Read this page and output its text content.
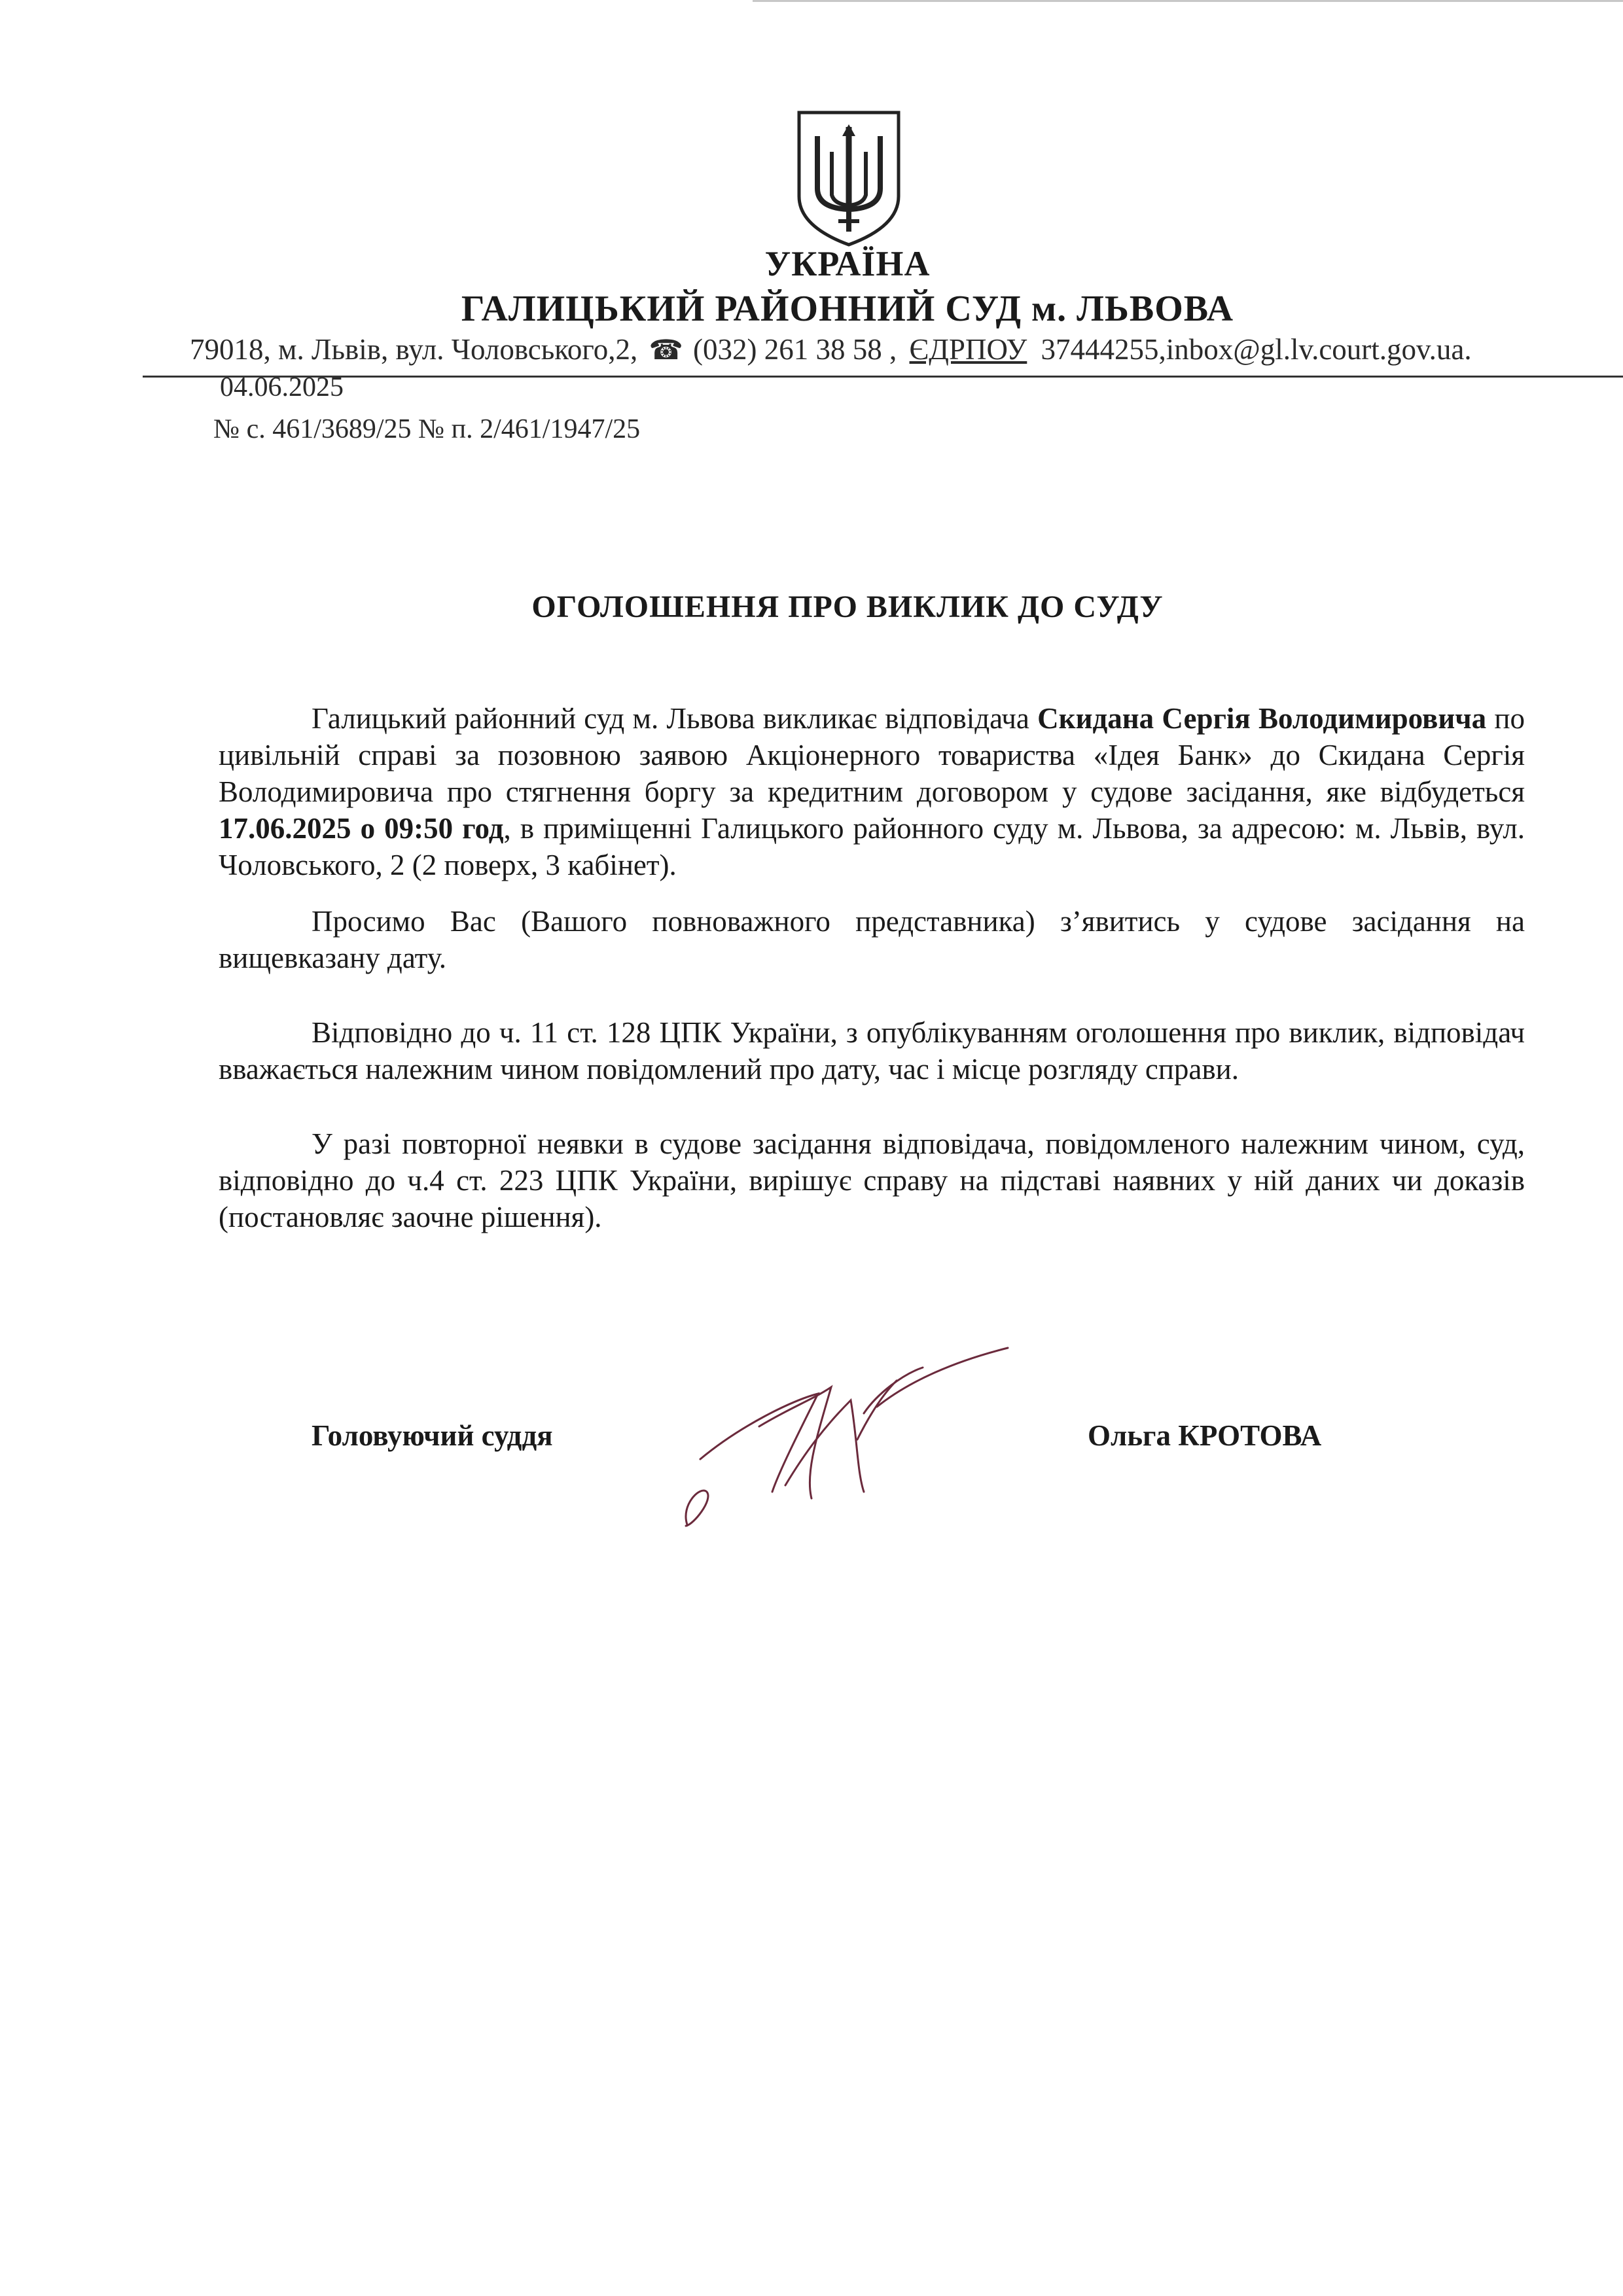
УКРАЇНА
ГАЛИЦЬКИЙ РАЙОННИЙ СУД м. ЛЬВОВА
79018, м. Львів, вул. Чоловського,2, ☎ (032) 261 38 58 , ЄДРПОУ 37444255,inbox@gl.lv.court.gov.ua.
04.06.2025
№ с. 461/3689/25 № п. 2/461/1947/25
ОГОЛОШЕННЯ ПРО ВИКЛИК ДО СУДУ

Галицький районний суд м. Львова викликає відповідача Скидана Сергія Володимировича по цивільній справі за позовною заявою Акціонерного товариства «Ідея Банк» до Скидана Сергія Володимировича про стягнення боргу за кредитним договором у судове засідання, яке відбудеться 17.06.2025 о 09:50 год, в приміщенні Галицького районного суду м. Львова, за адресою: м. Львів, вул. Чоловського, 2 (2 поверх, 3 кабінет).

Просимо Вас (Вашого повноважного представника) з’явитись у судове засідання на вищевказану дату.

Відповідно до ч. 11 ст. 128 ЦПК України, з опублікуванням оголошення про виклик, відповідач вважається належним чином повідомлений про дату, час і місце розгляду справи.

У разі повторної неявки в судове засідання відповідача, повідомленого належним чином, суд, відповідно до ч.4 ст. 223 ЦПК України, вирішує справу на підставі наявних у ній даних чи доказів (постановляє заочне рішення).

Головуючий суддя	Ольга КРОТОВА
